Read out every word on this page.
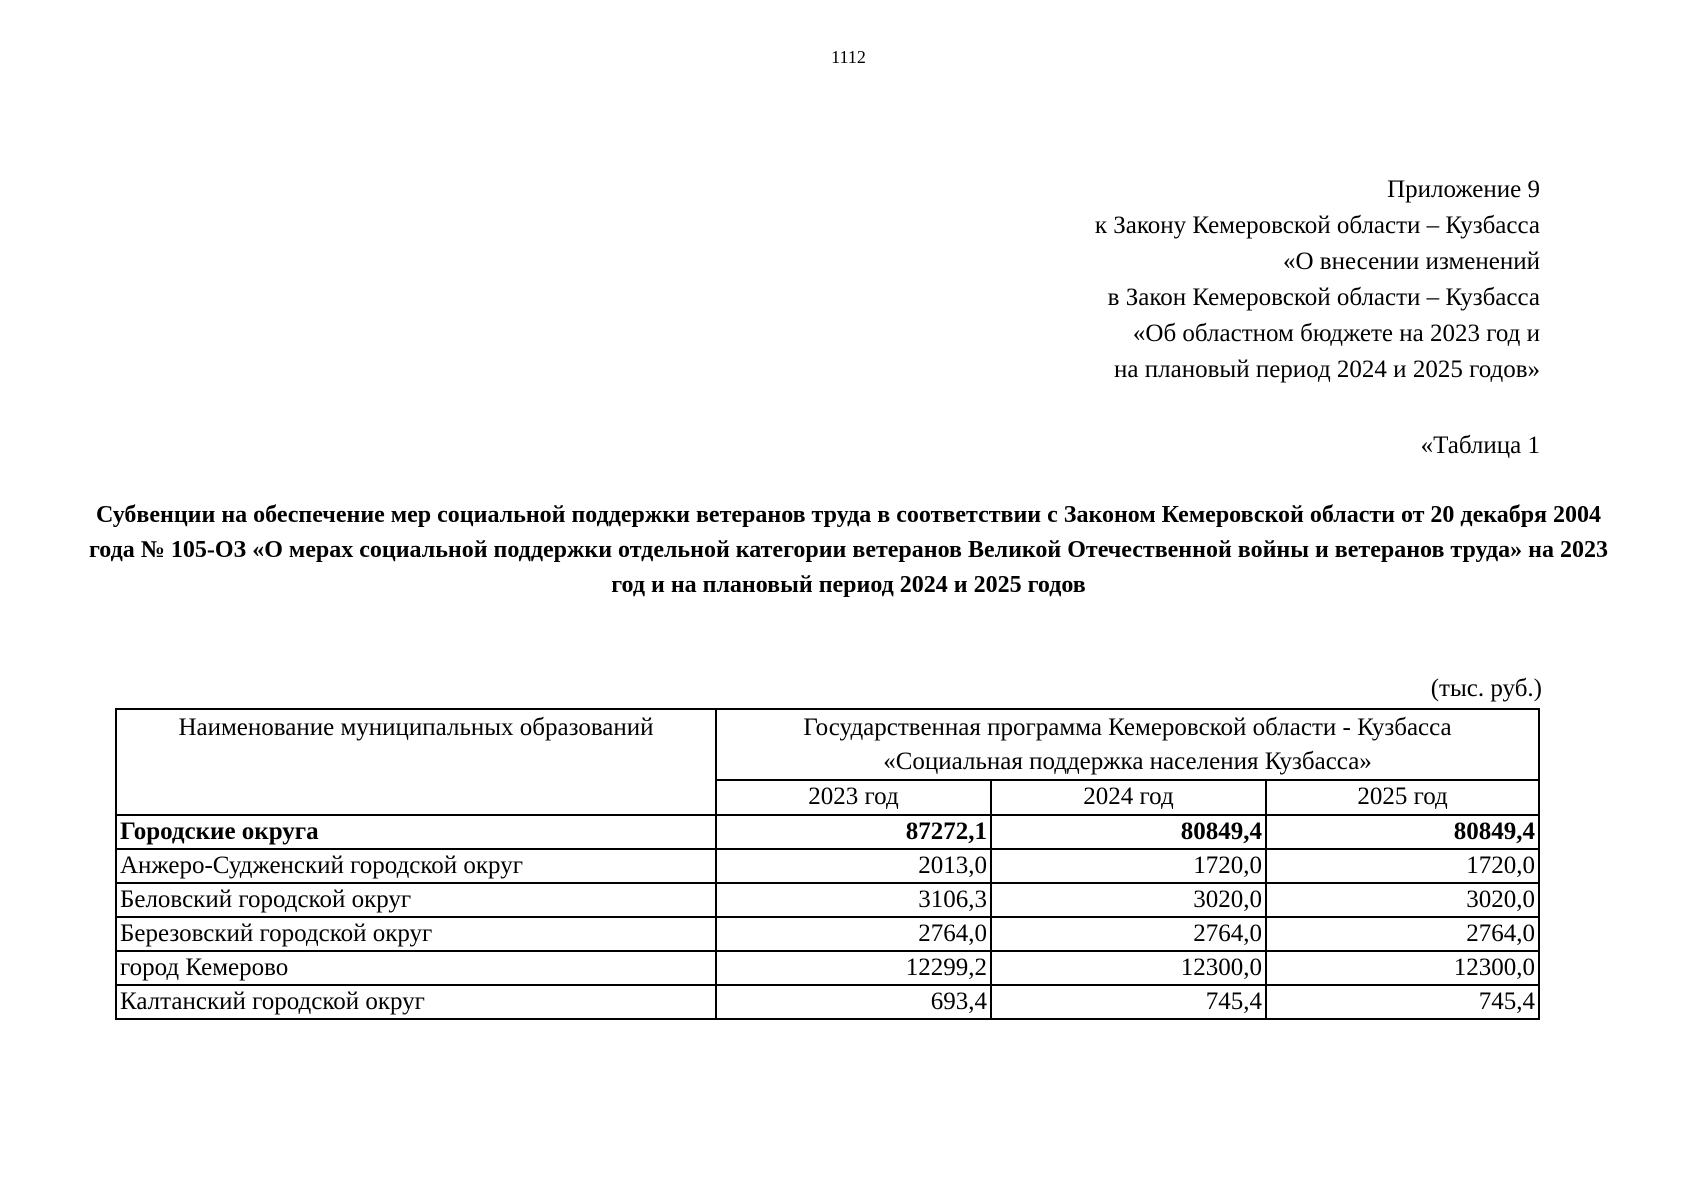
1112
Приложение 9
к Закону Кемеровской области – Кузбасса
«О внесении изменений
в Закон Кемеровской области – Кузбасса
«Об областном бюджете на 2023 год и
на плановый период 2024 и 2025 годов»
«Таблица 1
Субвенции на обеспечение мер социальной поддержки ветеранов труда в соответствии с Законом Кемеровской области от 20 декабря 2004 года № 105-ОЗ «О мерах социальной поддержки отдельной категории ветеранов Великой Отечественной войны и ветеранов труда» на 2023 год и на плановый период 2024 и 2025 годов
(тыс. руб.)
Наименование муниципальных образований	Государственная программа Кемеровской области - Кузбасса
«Социальная поддержка населения Кузбасса»		

	2023 год	2024 год	2025 год
Городские округа	87272,1	80849,4	80849,4
Анжеро-Судженский городской округ	2013,0	1720,0	1720,0
Беловский городской округ	3106,3	3020,0	3020,0
Березовский городской округ	2764,0	2764,0	2764,0
город Кемерово	12299,2	12300,0	12300,0
Калтанский городской округ	693,4	745,4	745,4
